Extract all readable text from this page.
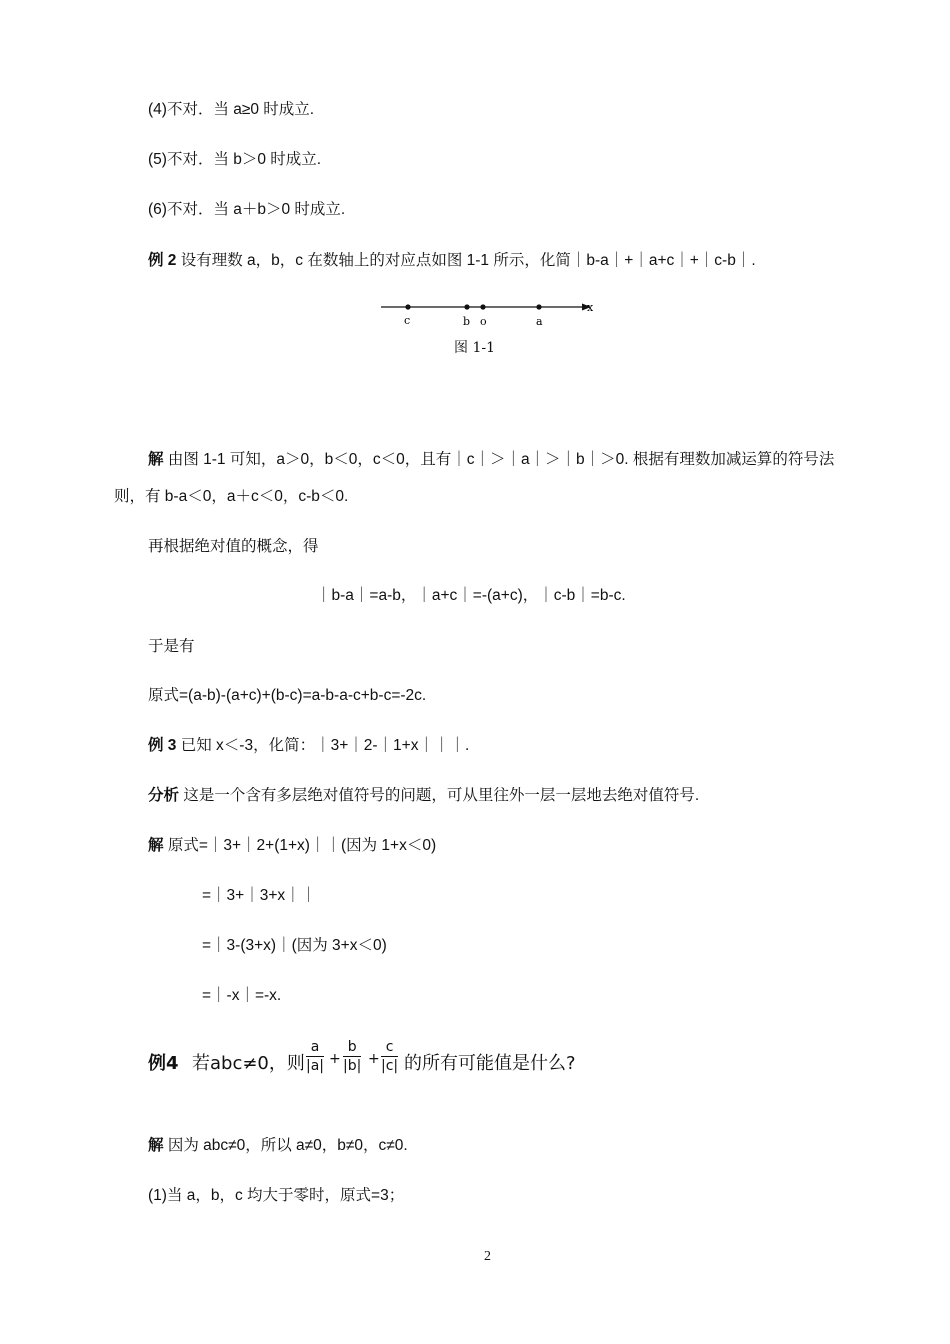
(4)不对．当 a≥0 时成立.
(5)不对．当 b＞0 时成立.
(6)不对．当 a＋b＞0 时成立.
例 2 设有理数 a，b，c 在数轴上的对应点如图 1-1 所示，化简｜b-a｜+｜a+c｜+｜c-b｜.
x
c	b o	a
图 1-1
解 由图 1-1 可知，a＞0，b＜0，c＜0，且有｜c｜＞｜a｜＞｜b｜＞0. 根据有理数加减运算的符号法
则，有 b-a＜0，a＋c＜0，c-b＜0.
再根据绝对值的概念，得
｜b-a｜=a-b，｜a+c｜=-(a+c)，｜c-b｜=b-c.
于是有
原式=(a-b)-(a+c)+(b-c)=a-b-a-c+b-c=-2c.
例 3 已知 x＜-3，化简：｜3+｜2-｜1+x｜｜｜.
分析 这是一个含有多层绝对值符号的问题，可从里往外一层一层地去绝对值符号.
解 原式=｜3+｜2+(1+x)｜｜(因为 1+x＜0)
=｜3+｜3+x｜｜
=｜3-(3+x)｜(因为 3+x＜0)
=｜-x｜=-x.
例4 若abc≠0，则 $\frac{a}{|a|} + \frac{b}{|b|} + \frac{c}{|c|}$ 的所有可能值是什么?
解 因为 abc≠0，所以 a≠0，b≠0，c≠0.
(1)当 a，b，c 均大于零时，原式=3；
2
